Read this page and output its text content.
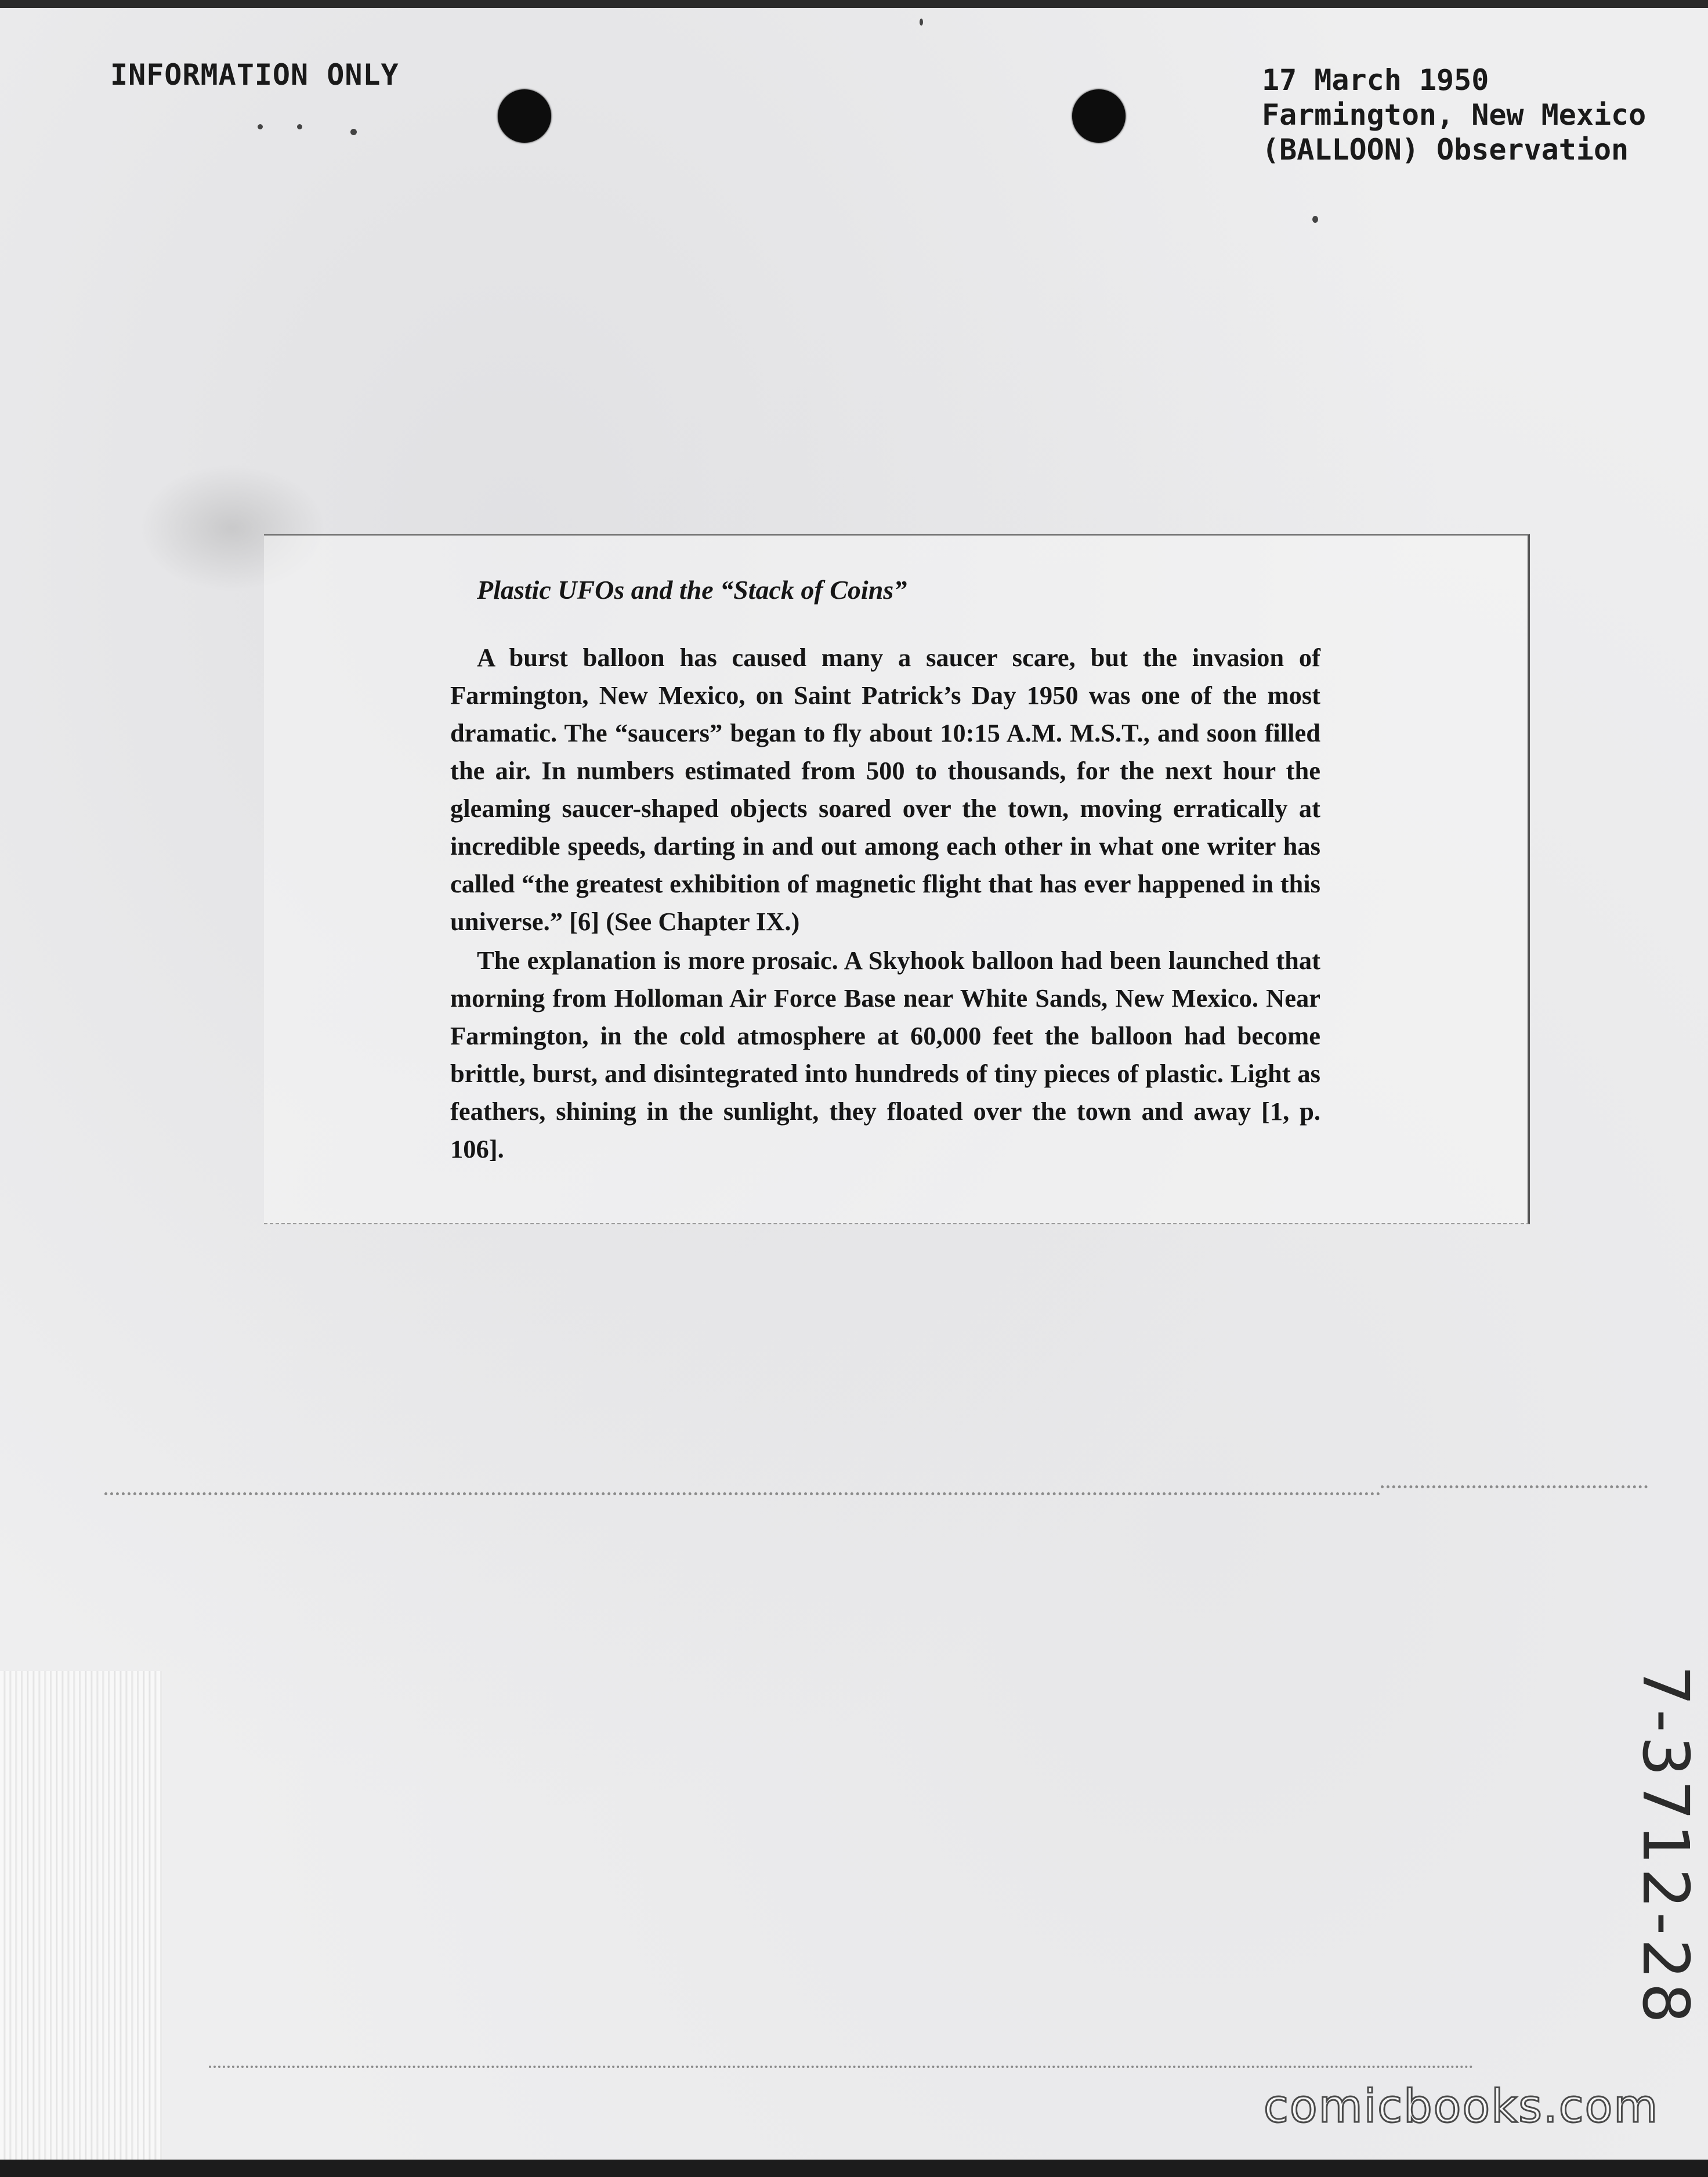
INFORMATION ONLY	17 March 1950
Farmington, New Mexico
(BALLOON) Observation
Plastic UFOs and the “Stack of Coins”

A burst balloon has caused many a saucer scare, but the invasion of Farmington, New Mexico, on Saint Patrick’s Day 1950 was one of the most dramatic. The “saucers” began to fly about 10:15 A.M. M.S.T., and soon filled the air. In numbers estimated from 500 to thousands, for the next hour the gleaming saucer-shaped objects soared over the town, moving erratically at incredible speeds, darting in and out among each other in what one writer has called “the greatest exhibition of magnetic flight that has ever happened in this universe.” [6] (See Chapter IX.)

The explanation is more prosaic. A Skyhook balloon had been launched that morning from Holloman Air Force Base near White Sands, New Mexico. Near Farmington, in the cold atmosphere at 60,000 feet the balloon had become brittle, burst, and disintegrated into hundreds of tiny pieces of plastic. Light as feathers, shining in the sunlight, they floated over the town and away [1, p. 106].

7-3712-28
comicbooks.com
